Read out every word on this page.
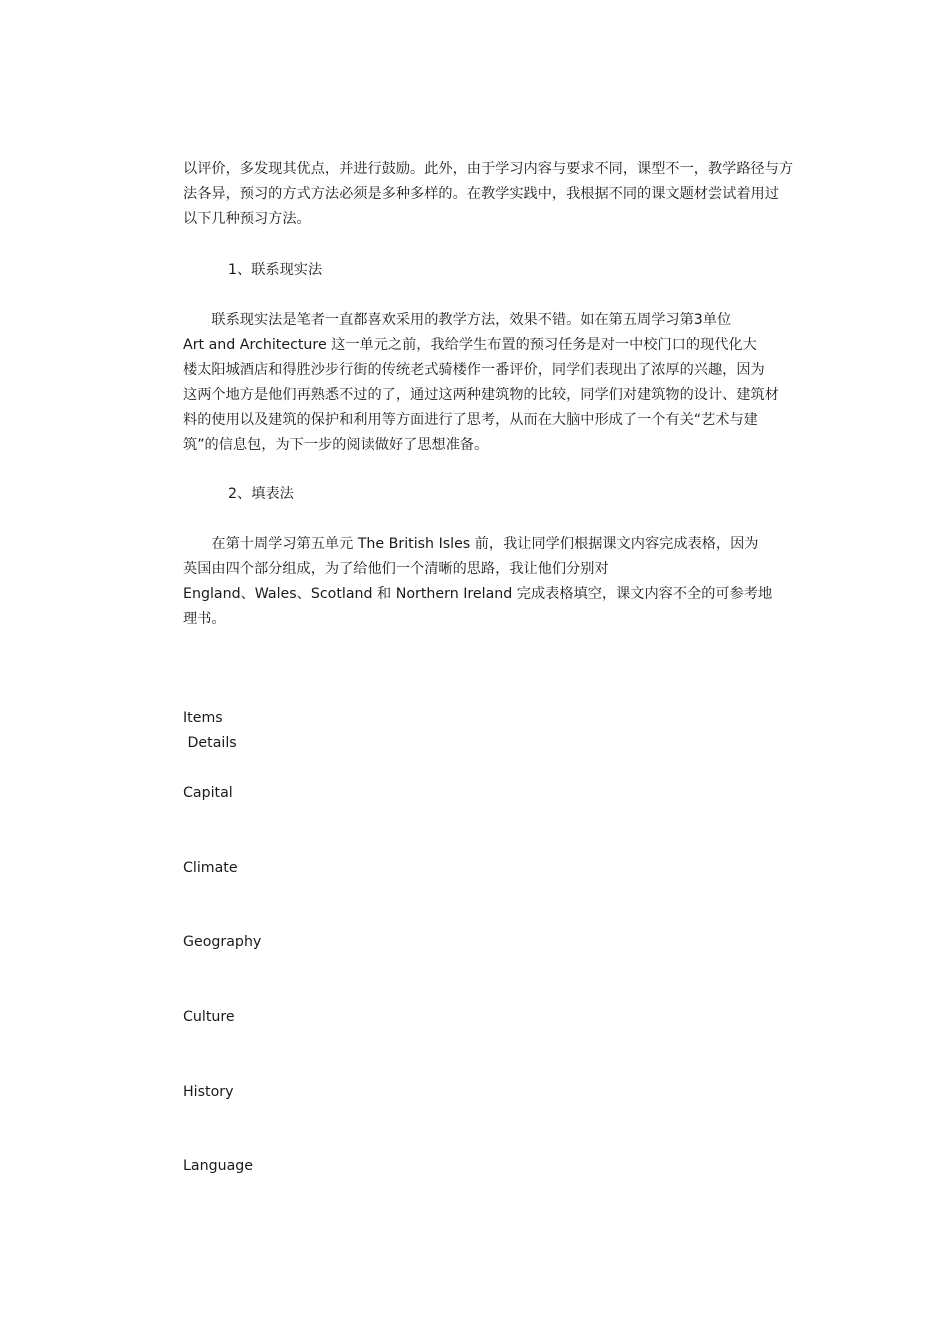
以评价，多发现其优点，并进行鼓励。此外，由于学习内容与要求不同，课型不一，教学路径与方
法各异，预习的方式方法必须是多种多样的。在教学实践中，我根据不同的课文题材尝试着用过
以下几种预习方法。
1、联系现实法
　　联系现实法是笔者一直都喜欢采用的教学方法，效果不错。如在第五周学习第3单位
Art and Architecture 这一单元之前，我给学生布置的预习任务是对一中校门口的现代化大
楼太阳城酒店和得胜沙步行街的传统老式骑楼作一番评价，同学们表现出了浓厚的兴趣，因为
这两个地方是他们再熟悉不过的了，通过这两种建筑物的比较，同学们对建筑物的设计、建筑材
料的使用以及建筑的保护和利用等方面进行了思考，从而在大脑中形成了一个有关“艺术与建
筑”的信息包，为下一步的阅读做好了思想准备。
2、填表法
　　在第十周学习第五单元 The British Isles 前，我让同学们根据课文内容完成表格，因为
英国由四个部分组成，为了给他们一个清晰的思路，我让他们分别对
England、Wales、Scotland 和 Northern Ireland 完成表格填空，课文内容不全的可参考地
理书。
Items
Details
Capital
Climate
Geography
Culture
History
Language
